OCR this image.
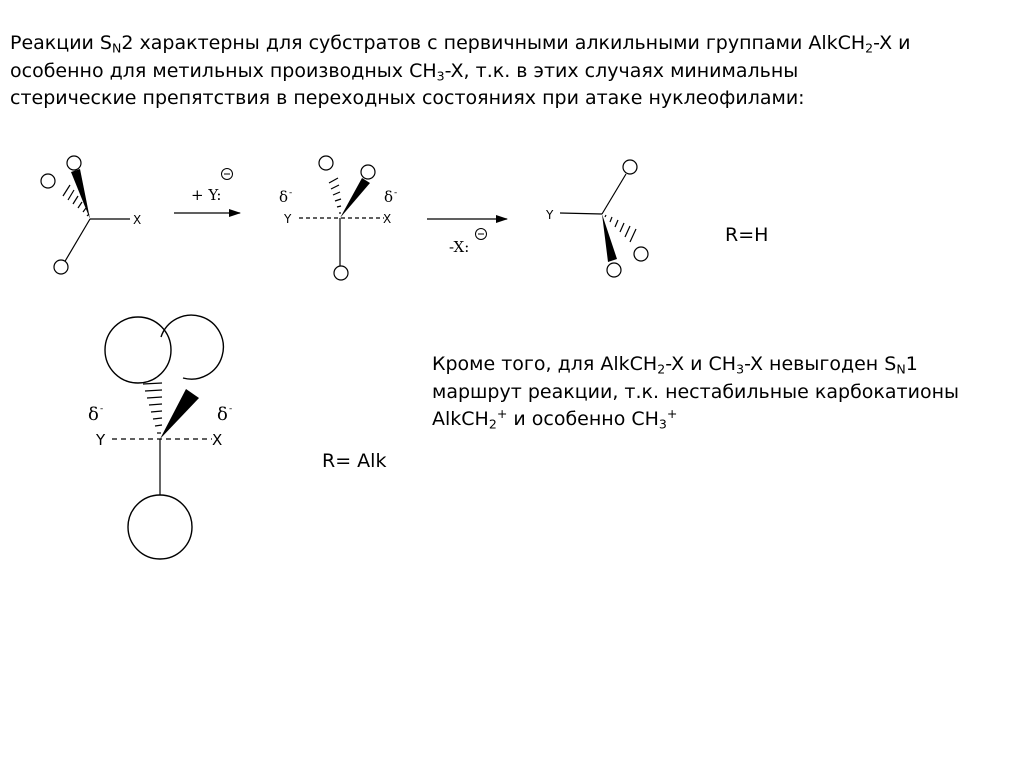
Реакции $S_N2$ характерны для субстратов с первичными алкильными группами AlkCH$_2$-X и
особенно для метильных производных $CH_3-X$, т.к. в этих случаях минимальны
стерические препятствия в переходных состояниях при атаке нуклеофилами:
X
+ Y:
Y	X
δ -	δ -
-X:
Y
Y	X
δ -	δ -
R=H
R= Alk
Кроме того, для AlkCH$_2$-X и $CH_3-X$ невыгоден $S_N1$
маршрут реакции, т.к. нестабильные карбокатионы
AlkCH$_2$+ и особенно $CH_3^+$
